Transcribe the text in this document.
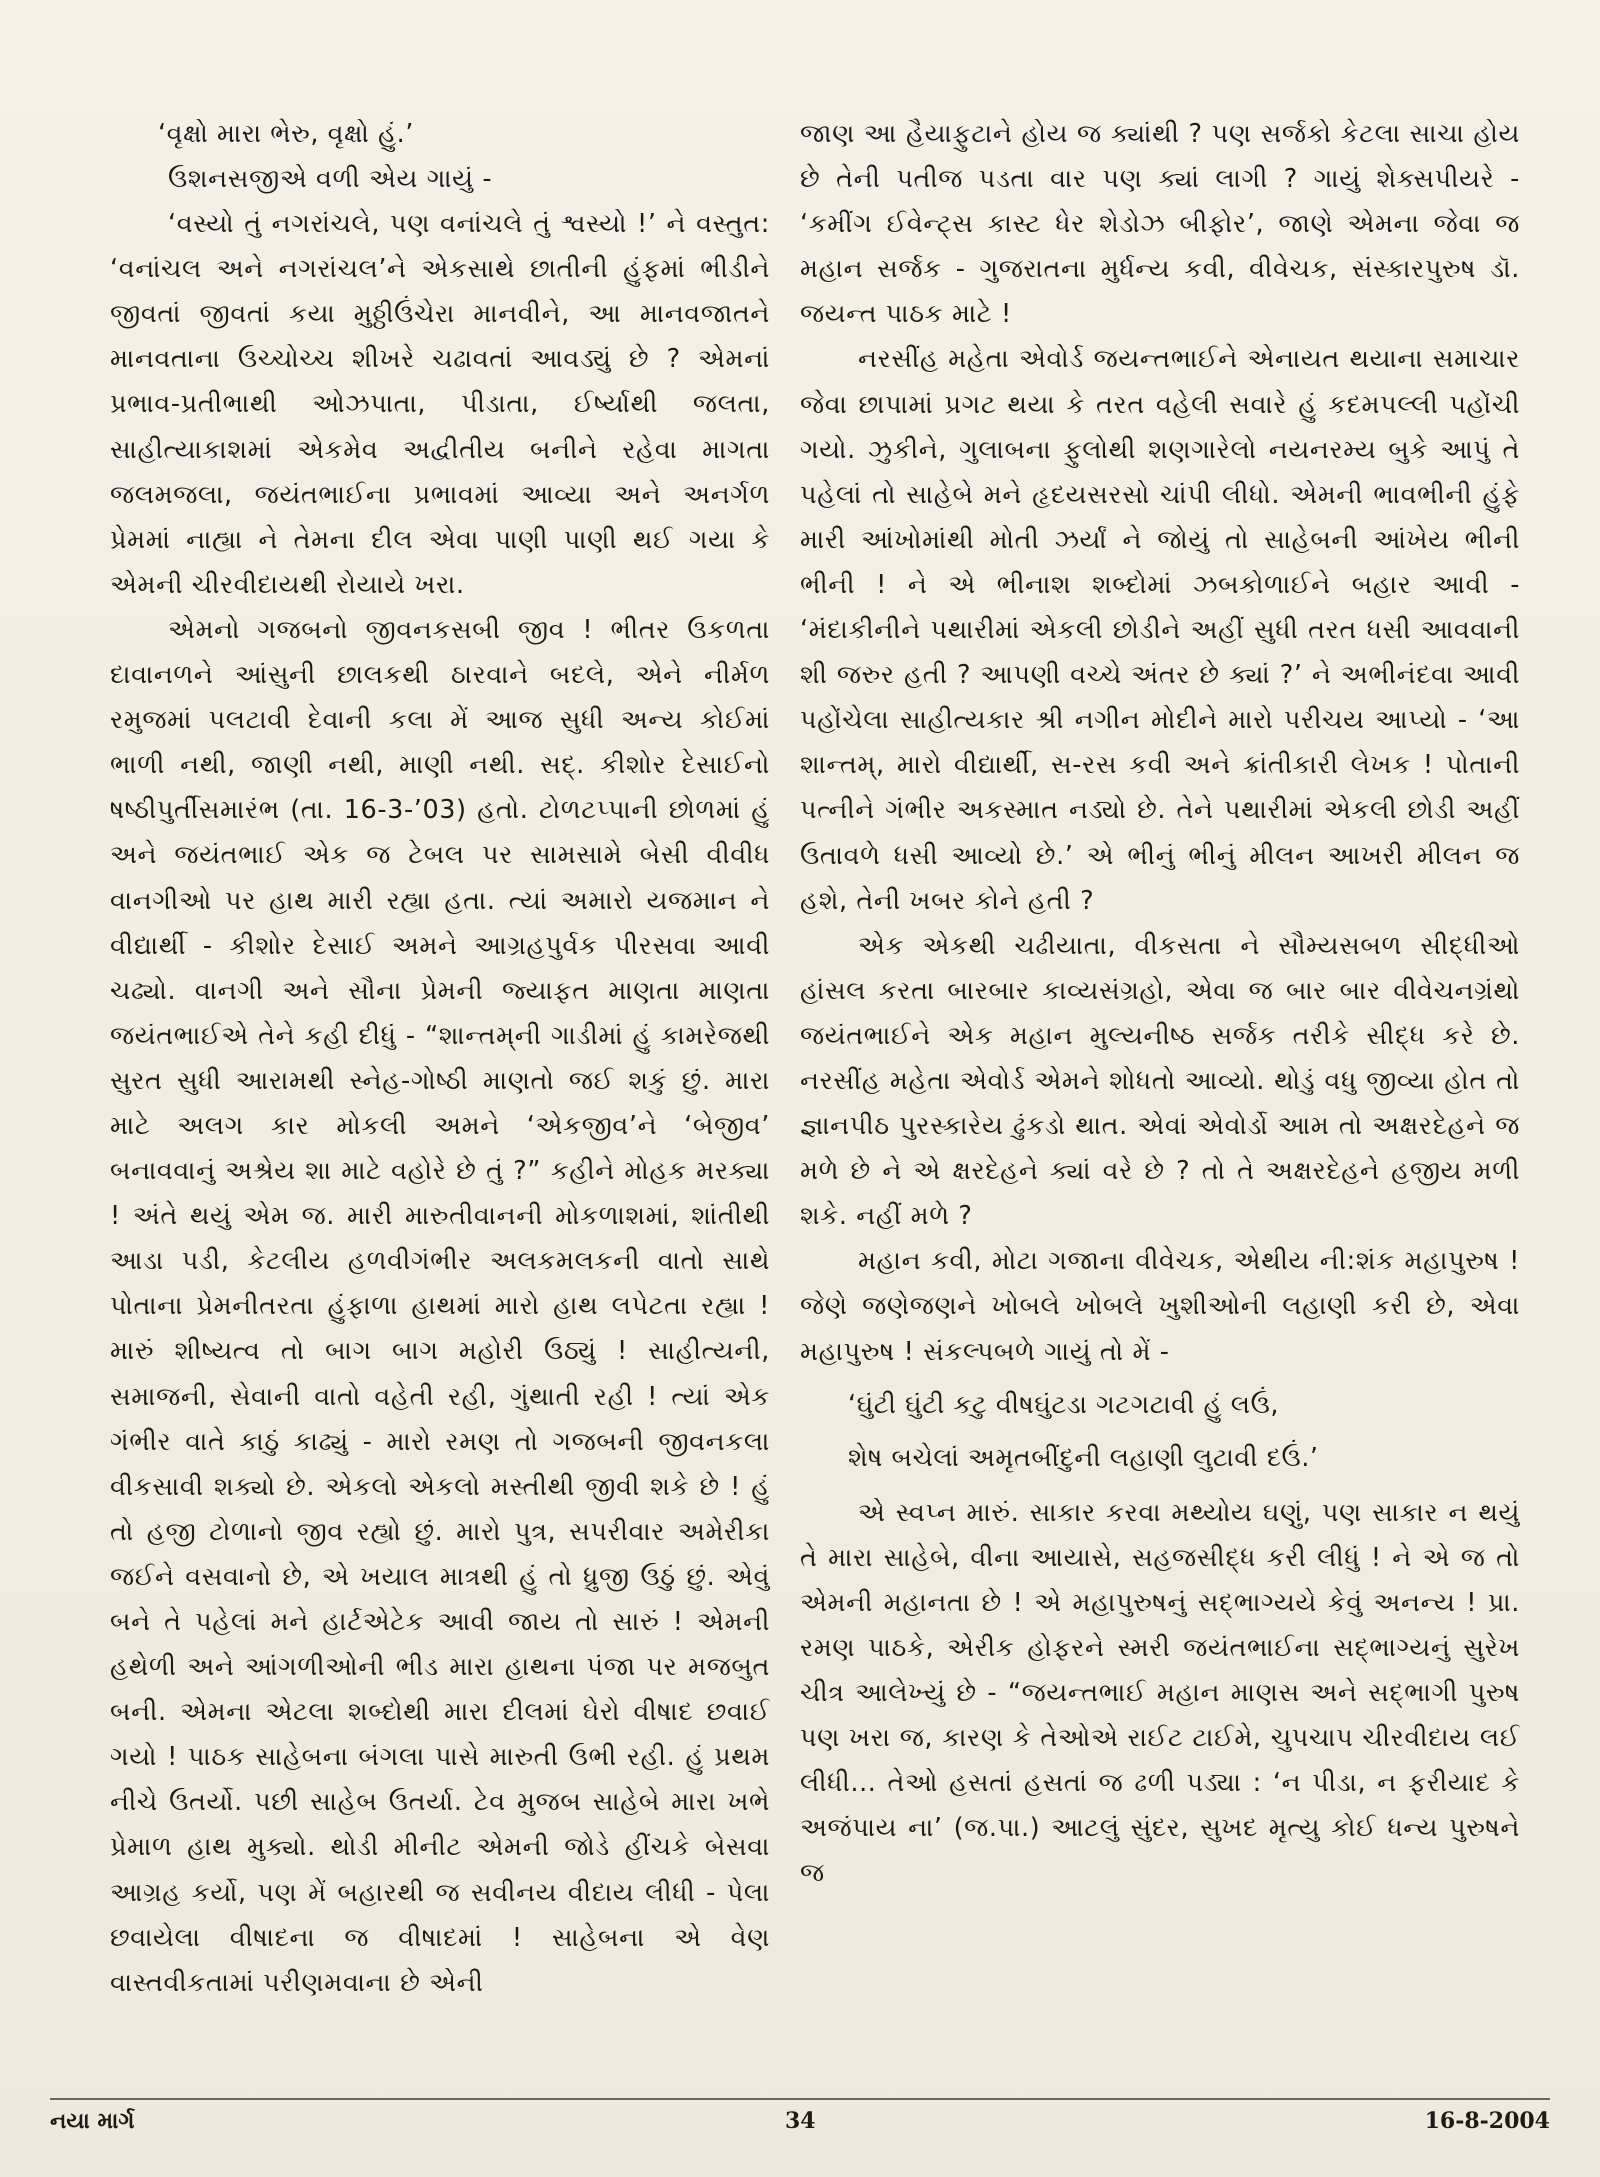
‘વૃક્ષો મારા ભેરુ, વૃક્ષો હું.’

ઉશનસજીએ વળી એય ગાયું -

‘વસ્યો તું નગરાંચલે, પણ વનાંચલે તું શ્વસ્યો !’ ને વસ્તુત: ‘વનાંચલ અને નગરાંચલ’ને એકસાથે છાતીની હુંફમાં ભીડીને જીવતાં જીવતાં કયા મુઠ્ઠીઉંચેરા માનવીને, આ માનવજાતને માનવતાના ઉચ્ચોચ્ચ શીખરે ચઢાવતાં આવડ્યું છે ? એમનાં પ્રભાવ-પ્રતીભાથી ઓઝપાતા, પીડાતા, ઈર્ષ્યાથી જલતા, સાહીત્યાકાશમાં એકમેવ અદ્વીતીય બનીને રહેવા માગતા જલમજલા, જયંતભાઈના પ્રભાવમાં આવ્યા અને અનર્ગળ પ્રેમમાં નાહ્યા ને તેમના દીલ એવા પાણી પાણી થઈ ગયા કે એમની ચીરવીદાયથી રોયાયે ખરા.

એમનો ગજબનો જીવનકસબી જીવ ! ભીતર ઉકળતા દાવાનળને આંસુની છાલકથી ઠારવાને બદલે, એને નીર્મળ રમુજમાં પલટાવી દેવાની કલા મેં આજ સુધી અન્ય કોઈમાં ભાળી નથી, જાણી નથી, માણી નથી. સદ્. કીશોર દેસાઈનો ષષ્ઠીપુર્તીસમારંભ (તા. 16-3-’03) હતો. ટોળટપ્પાની છોળમાં હું અને જયંતભાઈ એક જ ટેબલ પર સામસામે બેસી વીવીધ વાનગીઓ પર હાથ મારી રહ્યા હતા. ત્યાં અમારો યજમાન ને વીદ્યાર્થી - કીશોર દેસાઈ અમને આગ્રહપુર્વક પીરસવા આવી ચઢ્યો. વાનગી અને સૌના પ્રેમની જ્યાફત માણતા માણતા જયંતભાઈએ તેને કહી દીધું - “શાન્તમ્‌ની ગાડીમાં હું કામરેજથી સુરત સુધી આરામથી સ્નેહ-ગોષ્ઠી માણતો જઈ શકું છું. મારા માટે અલગ કાર મોકલી અમને ‘એકજીવ’ને ‘બેજીવ’ બનાવવાનું અશ્રેય શા માટે વહોરે છે તું ?” કહીને મોહક મરક્યા ! અંતે થયું એમ જ. મારી મારુતીવાનની મોકળાશમાં, શાંતીથી આડા પડી, કેટલીય હળવીગંભીર અલકમલકની વાતો સાથે પોતાના પ્રેમનીતરતા હુંફાળા હાથમાં મારો હાથ લપેટતા રહ્યા ! મારું શીષ્યત્વ તો બાગ બાગ મહોરી ઉઠ્યું ! સાહીત્યની, સમાજની, સેવાની વાતો વહેતી રહી, ગુંથાતી રહી ! ત્યાં એક ગંભીર વાતે કાઠું કાઢ્યું - મારો રમણ તો ગજબની જીવનકલા વીકસાવી શક્યો છે. એકલો એકલો મસ્તીથી જીવી શકે છે ! હું તો હજી ટોળાનો જીવ રહ્યો છું. મારો પુત્ર, સપરીવાર અમેરીકા જઈને વસવાનો છે, એ ખયાલ માત્રથી હું તો ધ્રુજી ઉઠું છું. એવું બને તે પહેલાં મને હાર્ટએટેક આવી જાય તો સારું ! એમની હથેળી અને આંગળીઓની ભીડ મારા હાથના પંજા પર મજબુત બની. એમના એટલા શબ્દોથી મારા દીલમાં ઘેરો વીષાદ છવાઈ ગયો ! પાઠક સાહેબના બંગલા પાસે મારુતી ઉભી રહી. હું પ્રથમ નીચે ઉતર્યો. પછી સાહેબ ઉતર્યા. ટેવ મુજબ સાહેબે મારા ખભે પ્રેમાળ હાથ મુક્યો. થોડી મીનીટ એમની જોડે હીંચકે બેસવા આગ્રહ કર્યો, પણ મેં બહારથી જ સવીનય વીદાય લીધી - પેલા છવાયેલા વીષાદના જ વીષાદમાં ! સાહેબના એ વેણ વાસ્તવીકતામાં પરીણમવાના છે એની

જાણ આ હૈયાફુટાને હોય જ ક્યાંથી ? પણ સર્જકો કેટલા સાચા હોય છે તેની પતીજ પડતા વાર પણ ક્યાં લાગી ? ગાયું શેક્સપીયરે - ‘કમીંગ ઈવેન્ટ્સ કાસ્ટ ધેર શેડોઝ બીફોર’, જાણે એમના જેવા જ મહાન સર્જક - ગુજરાતના મુર્ધન્ય કવી, વીવેચક, સંસ્કારપુરુષ ડૉ. જયન્ત પાઠક માટે !

નરસીંહ મહેતા એવોર્ડ જયન્તભાઈને એનાયત થયાના સમાચાર જેવા છાપામાં પ્રગટ થયા કે તરત વહેલી સવારે હું કદમપલ્લી પહોંચી ગયો. ઝુકીને, ગુલાબના ફુલોથી શણગારેલો નયનરમ્ય બુકે આપું તે પહેલાં તો સાહેબે મને હૃદયસરસો ચાંપી લીધો. એમની ભાવભીની હુંફે મારી આંખોમાંથી મોતી ઝર્યાં ને જોયું તો સાહેબની આંખેય ભીની ભીની ! ને એ ભીનાશ શબ્દોમાં ઝબકોળાઈને બહાર આવી - ‘મંદાકીનીને પથારીમાં એકલી છોડીને અહીં સુધી તરત ધસી આવવાની શી જરુર હતી ? આપણી વચ્ચે અંતર છે ક્યાં ?’ ને અભીનંદવા આવી પહોંચેલા સાહીત્યકાર શ્રી નગીન મોદીને મારો પરીચય આપ્યો - ‘આ શાન્તમ્, મારો વીદ્યાર્થી, સ-રસ કવી અને ક્રાંતીકારી લેખક ! પોતાની પત્નીને ગંભીર અકસ્માત નડ્યો છે. તેને પથારીમાં એકલી છોડી અહીં ઉતાવળે ધસી આવ્યો છે.’ એ ભીનું ભીનું મીલન આખરી મીલન જ હશે, તેની ખબર કોને હતી ?

એક એકથી ચઢીયાતા, વીકસતા ને સૌમ્યસબળ સીદ્ધીઓ હાંસલ કરતા બારબાર કાવ્યસંગ્રહો, એવા જ બાર બાર વીવેચનગ્રંથો જયંતભાઈને એક મહાન મુલ્યનીષ્ઠ સર્જક તરીકે સીદ્ધ કરે છે. નરસીંહ મહેતા એવોર્ડ એમને શોધતો આવ્યો. થોડું વધુ જીવ્યા હોત તો જ્ઞાનપીઠ પુરસ્કારેય ઢુંકડો થાત. એવાં એવોર્ડો આમ તો અક્ષરદેહને જ મળે છે ને એ ક્ષરદેહને ક્યાં વરે છે ? તો તે અક્ષરદેહને હજીય મળી શકે. નહીં મળે ?

મહાન કવી, મોટા ગજાના વીવેચક, એથીય ની:શંક મહાપુરુષ ! જેણે જણેજણને ખોબલે ખોબલે ખુશીઓની લહાણી કરી છે, એવા મહાપુરુષ ! સંકલ્પબળે ગાયું તો મેં -

‘ઘુંટી ઘુંટી કટુ વીષઘુંટડા ગટગટાવી હું લઉં,

શેષ બચેલાં અમૃતબીંદુની લહાણી લુટાવી દઉં.’

એ સ્વપ્ન મારું. સાકાર કરવા મથ્યોય ઘણું, પણ સાકાર ન થયું તે મારા સાહેબે, વીના આયાસે, સહજસીદ્ધ કરી લીધું ! ને એ જ તો એમની મહાનતા છે ! એ મહાપુરુષનું સદ્ભાગ્યયે કેવું અનન્ય ! પ્રા. રમણ પાઠકે, એરીક હોફરને સ્મરી જયંતભાઈના સદ્ભાગ્યનું સુરેખ ચીત્ર આલેખ્યું છે - “જયન્તભાઈ મહાન માણસ અને સદ્ભાગી પુરુષ પણ ખરા જ, કારણ કે તેઓએ રાઈટ ટાઈમે, ચુપચાપ ચીરવીદાય લઈ લીધી... તેઓ હસતાં હસતાં જ ઢળી પડ્યા : ‘ન પીડા, ન ફરીયાદ કે અજંપાય ના’ (જ.પા.) આટલું સુંદર, સુખદ મૃત્યુ કોઈ ધન્ય પુરુષને જ

નયા માર્ગ	34	16-8-2004
